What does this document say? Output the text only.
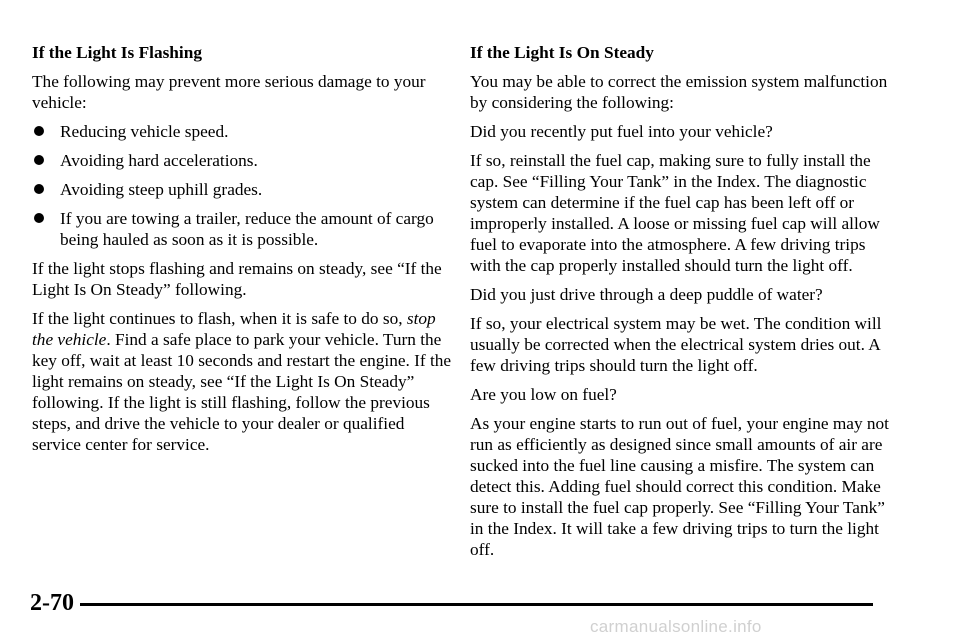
If the Light Is Flashing

The following may prevent more serious damage to your vehicle:

Reducing vehicle speed.
Avoiding hard accelerations.
Avoiding steep uphill grades.
If you are towing a trailer, reduce the amount of cargo being hauled as soon as it is possible.

If the light stops flashing and remains on steady, see “If the Light Is On Steady” following.

If the light continues to flash, when it is safe to do so, stop the vehicle. Find a safe place to park your vehicle. Turn the key off, wait at least 10 seconds and restart the engine. If the light remains on steady, see “If the Light Is On Steady” following. If the light is still flashing, follow the previous steps, and drive the vehicle to your dealer or qualified service center for service.

If the Light Is On Steady

You may be able to correct the emission system malfunction by considering the following:

Did you recently put fuel into your vehicle?

If so, reinstall the fuel cap, making sure to fully install the cap. See “Filling Your Tank” in the Index. The diagnostic system can determine if the fuel cap has been left off or improperly installed. A loose or missing fuel cap will allow fuel to evaporate into the atmosphere. A few driving trips with the cap properly installed should turn the light off.

Did you just drive through a deep puddle of water?

If so, your electrical system may be wet. The condition will usually be corrected when the electrical system dries out. A few driving trips should turn the light off.

Are you low on fuel?

As your engine starts to run out of fuel, your engine may not run as efficiently as designed since small amounts of air are sucked into the fuel line causing a misfire. The system can detect this. Adding fuel should correct this condition. Make sure to install the fuel cap properly. See “Filling Your Tank” in the Index. It will take a few driving trips to turn the light off.

2-70
carmanualsonline.info
